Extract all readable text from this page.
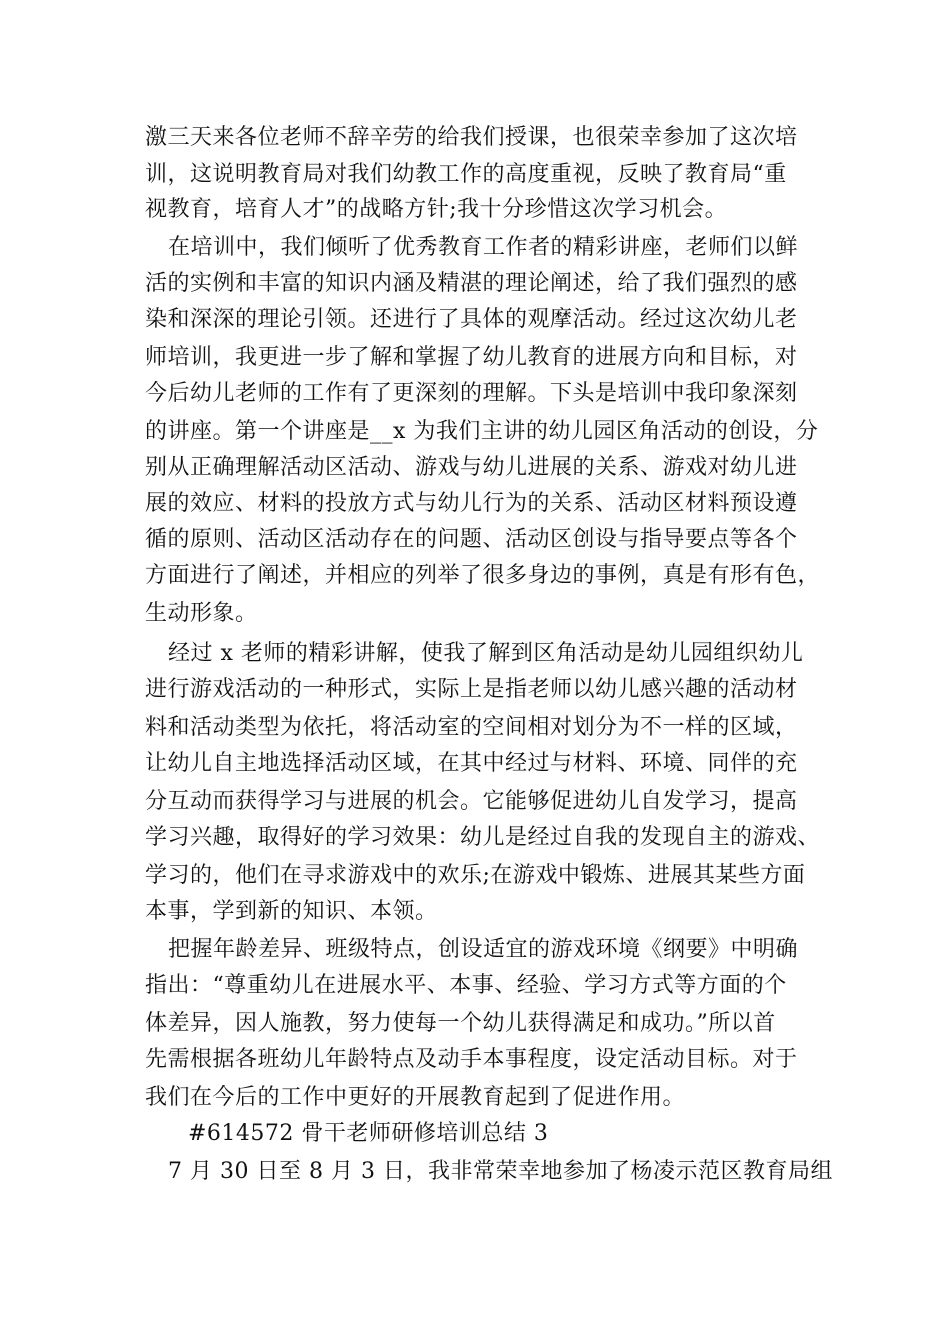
激三天来各位老师不辞辛劳的给我们授课，也很荣幸参加了这次培
训，这说明教育局对我们幼教工作的高度重视，反映了教育局“重
视教育，培育人才”的战略方针;我十分珍惜这次学习机会。
在培训中，我们倾听了优秀教育工作者的精彩讲座，老师们以鲜
活的实例和丰富的知识内涵及精湛的理论阐述，给了我们强烈的感
染和深深的理论引领。还进行了具体的观摩活动。经过这次幼儿老
师培训，我更进一步了解和掌握了幼儿教育的进展方向和目标，对
今后幼儿老师的工作有了更深刻的理解。下头是培训中我印象深刻
的讲座。第一个讲座是__x 为我们主讲的幼儿园区角活动的创设，分
别从正确理解活动区活动、游戏与幼儿进展的关系、游戏对幼儿进
展的效应、材料的投放方式与幼儿行为的关系、活动区材料预设遵
循的原则、活动区活动存在的问题、活动区创设与指导要点等各个
方面进行了阐述，并相应的列举了很多身边的事例，真是有形有色，
生动形象。
经过 x 老师的精彩讲解，使我了解到区角活动是幼儿园组织幼儿
进行游戏活动的一种形式，实际上是指老师以幼儿感兴趣的活动材
料和活动类型为依托，将活动室的空间相对划分为不一样的区域，
让幼儿自主地选择活动区域，在其中经过与材料、环境、同伴的充
分互动而获得学习与进展的机会。它能够促进幼儿自发学习，提高
学习兴趣，取得好的学习效果：幼儿是经过自我的发现自主的游戏、
学习的，他们在寻求游戏中的欢乐;在游戏中锻炼、进展其某些方面
本事，学到新的知识、本领。
把握年龄差异、班级特点，创设适宜的游戏环境《纲要》中明确
指出：“尊重幼儿在进展水平、本事、经验、学习方式等方面的个
体差异，因人施教，努力使每一个幼儿获得满足和成功。”所以首
先需根据各班幼儿年龄特点及动手本事程度，设定活动目标。对于
我们在今后的工作中更好的开展教育起到了促进作用。
#614572 骨干老师研修培训总结 3
7 月 30 日至 8 月 3 日，我非常荣幸地参加了杨凌示范区教育局组
